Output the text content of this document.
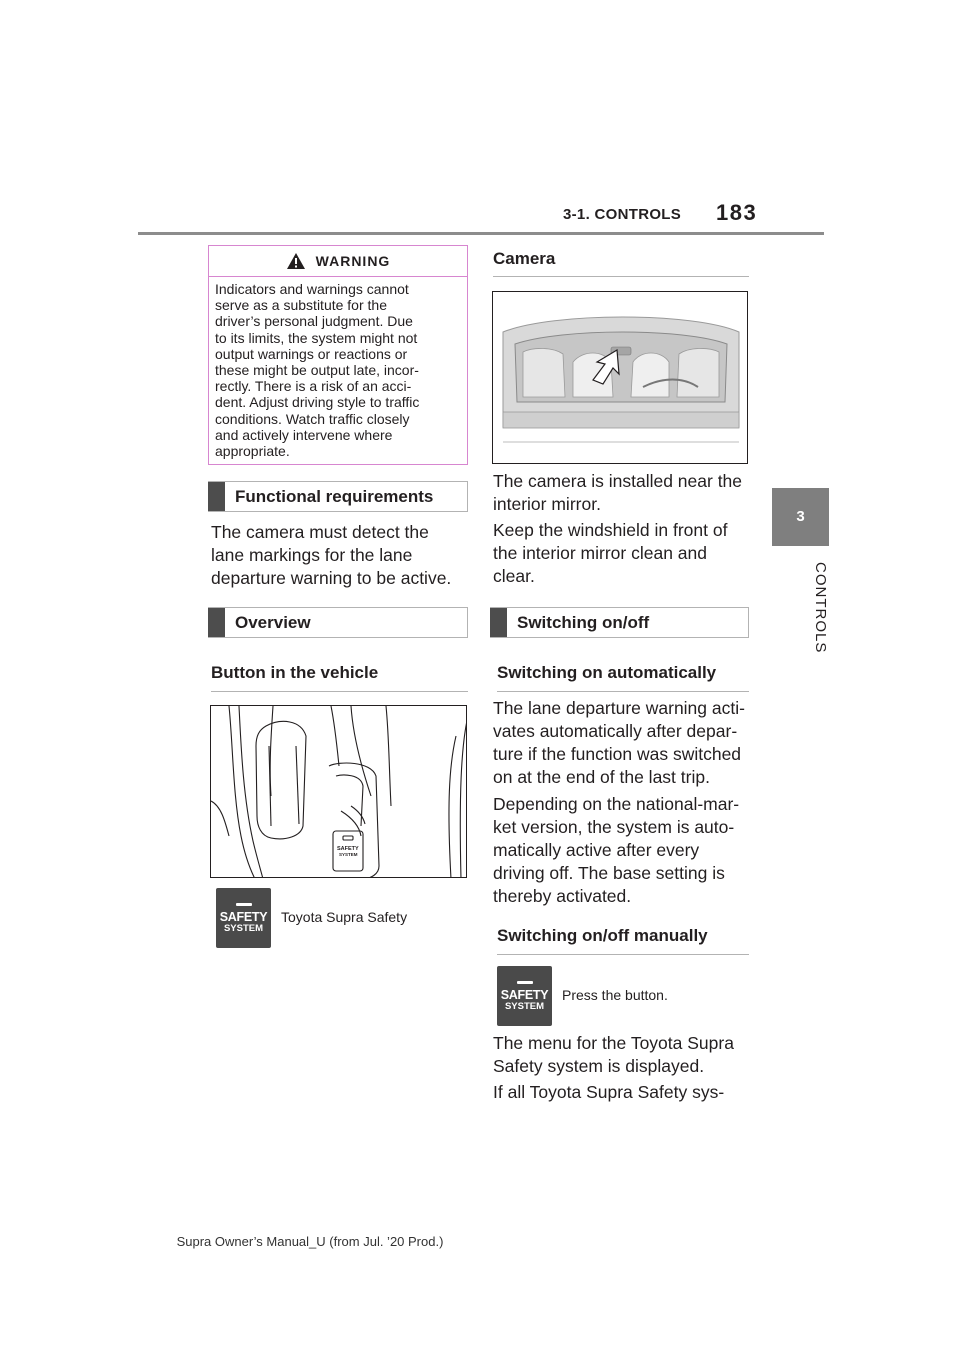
3-1. CONTROLS 183
3
CONTROLS
WARNING
Indicators and warnings cannot
serve as a substitute for the
driver’s personal judgment. Due
to its limits, the system might not
output warnings or reactions or
these might be output late, incor-
rectly. There is a risk of an acci-
dent. Adjust driving style to traffic
conditions. Watch traffic closely
and actively intervene where
appropriate.
Functional requirements
The camera must detect the
lane markings for the lane
departure warning to be active.
Overview
Button in the vehicle
SAFETY
SYSTEM
SAFETY
SYSTEM
Toyota Supra Safety
Camera
The camera is installed near the
interior mirror.
Keep the windshield in front of
the interior mirror clean and
clear.
Switching on/off
Switching on automatically
The lane departure warning acti-
vates automatically after depar-
ture if the function was switched
on at the end of the last trip.
Depending on the national-mar-
ket version, the system is auto-
matically active after every
driving off. The base setting is
thereby activated.
Switching on/off manually
SAFETY
SYSTEM
Press the button.
The menu for the Toyota Supra
Safety system is displayed.
If all Toyota Supra Safety sys-
Supra Owner’s Manual_U (from Jul. ’20 Prod.)
